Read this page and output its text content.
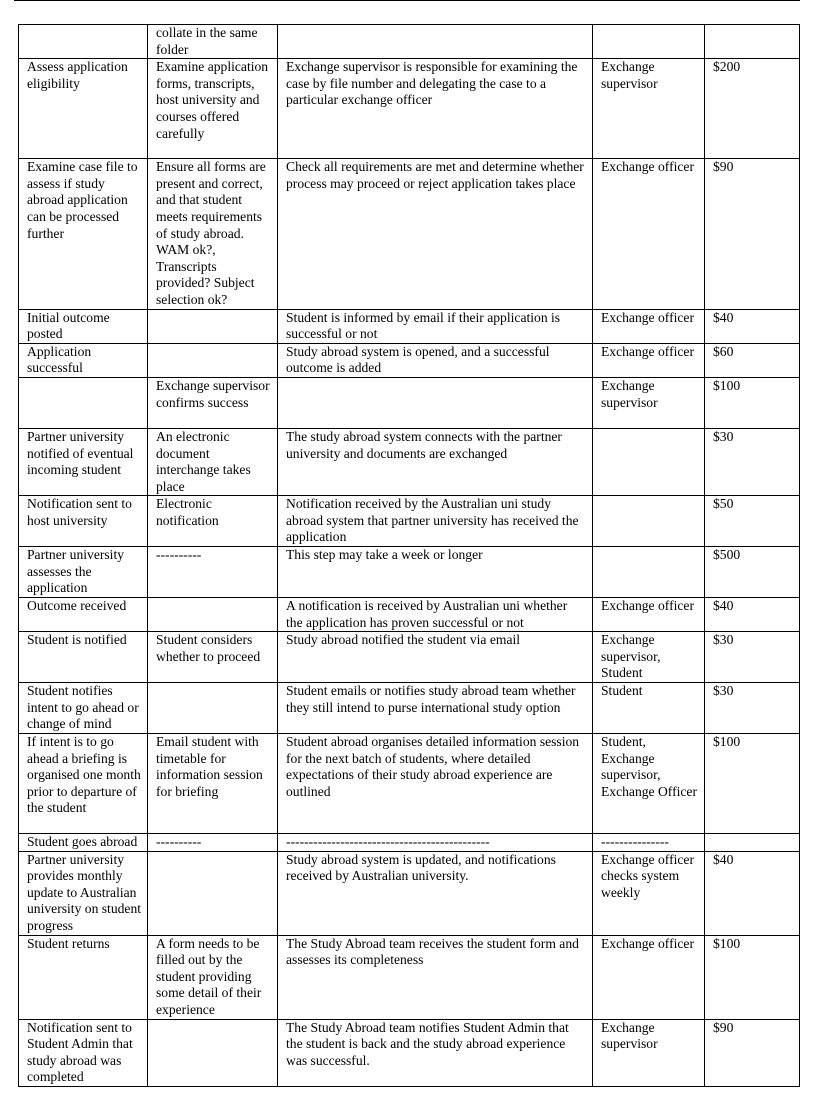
	collate in the same folder			
Assess application eligibility	Examine application forms, transcripts, host university and courses offered carefully	Exchange supervisor is responsible for examining the case by file number and delegating the case to a particular exchange officer	Exchange supervisor	$200
Examine case file to assess if study abroad application can be processed further	Ensure all forms are present and correct, and that student meets requirements of study abroad. WAM ok?, Transcripts provided? Subject selection ok?	Check all requirements are met and determine whether process may proceed or reject application takes place	Exchange officer	$90
Initial outcome posted		Student is informed by email if their application is successful or not	Exchange officer	$40
Application successful		Study abroad system is opened, and a successful outcome is added	Exchange officer	$60
	Exchange supervisor confirms success		Exchange supervisor	$100
Partner university notified of eventual incoming student	An electronic document interchange takes place	The study abroad system connects with the partner university and documents are exchanged		$30
Notification sent to host university	Electronic notification	Notification received by the Australian uni study abroad system that partner university has received the application		$50
Partner university assesses the application	----------	This step may take a week or longer		$500
Outcome received		A notification is received by Australian uni whether the application has proven successful or not	Exchange officer	$40
Student is notified	Student considers whether to proceed	Study abroad notified the student via email	Exchange supervisor, Student	$30
Student notifies intent to go ahead or change of mind		Student emails or notifies study abroad team whether they still intend to purse international study option	Student	$30
If intent is to go ahead a briefing is organised one month prior to departure of the student	Email student with timetable for information session for briefing	Student abroad organises detailed information session for the next batch of students, where detailed expectations of their study abroad experience are outlined	Student, Exchange supervisor, Exchange Officer	$100
Student goes abroad	----------	---------------------------------------------	---------------	
Partner university provides monthly update to Australian university on student progress		Study abroad system is updated, and notifications received by Australian university.	Exchange officer checks system weekly	$40
Student returns	A form needs to be filled out by the student providing some detail of their experience	The Study Abroad team receives the student form and assesses its completeness	Exchange officer	$100
Notification sent to Student Admin that study abroad was completed		The Study Abroad team notifies Student Admin that the student is back and the study abroad experience was successful.	Exchange supervisor	$90
